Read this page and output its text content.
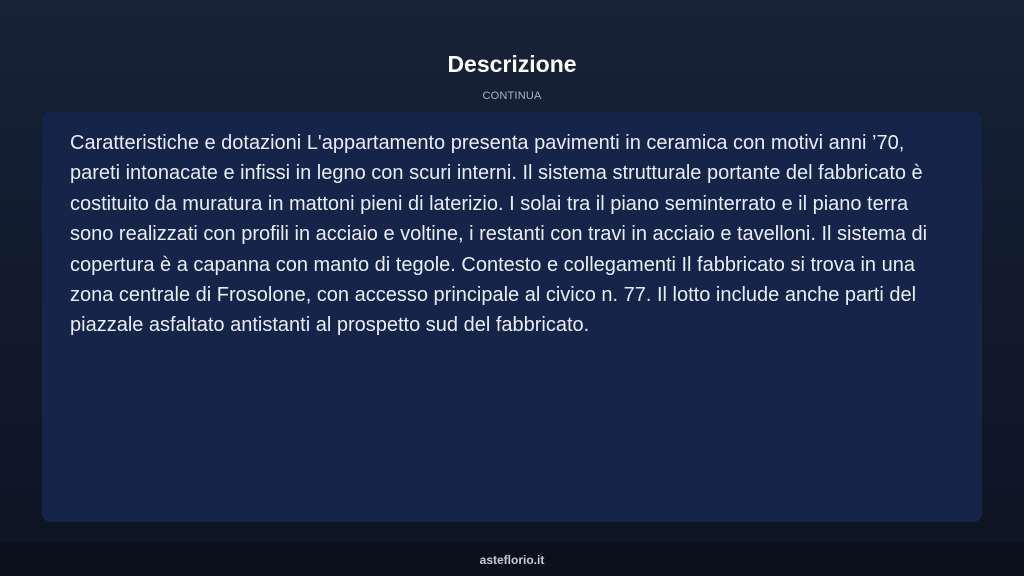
Descrizione
CONTINUA

Caratteristiche e dotazioni L'appartamento presenta pavimenti in ceramica con motivi anni ’70, pareti intonacate e infissi in legno con scuri interni. Il sistema strutturale portante del fabbricato è costituito da muratura in mattoni pieni di laterizio. I solai tra il piano seminterrato e il piano terra sono realizzati con profili in acciaio e voltine, i restanti con travi in acciaio e tavelloni. Il sistema di copertura è a capanna con manto di tegole. Contesto e collegamenti Il fabbricato si trova in una zona centrale di Frosolone, con accesso principale al civico n. 77. Il lotto include anche parti del piazzale asfaltato antistanti al prospetto sud del fabbricato.

asteflorio.it
